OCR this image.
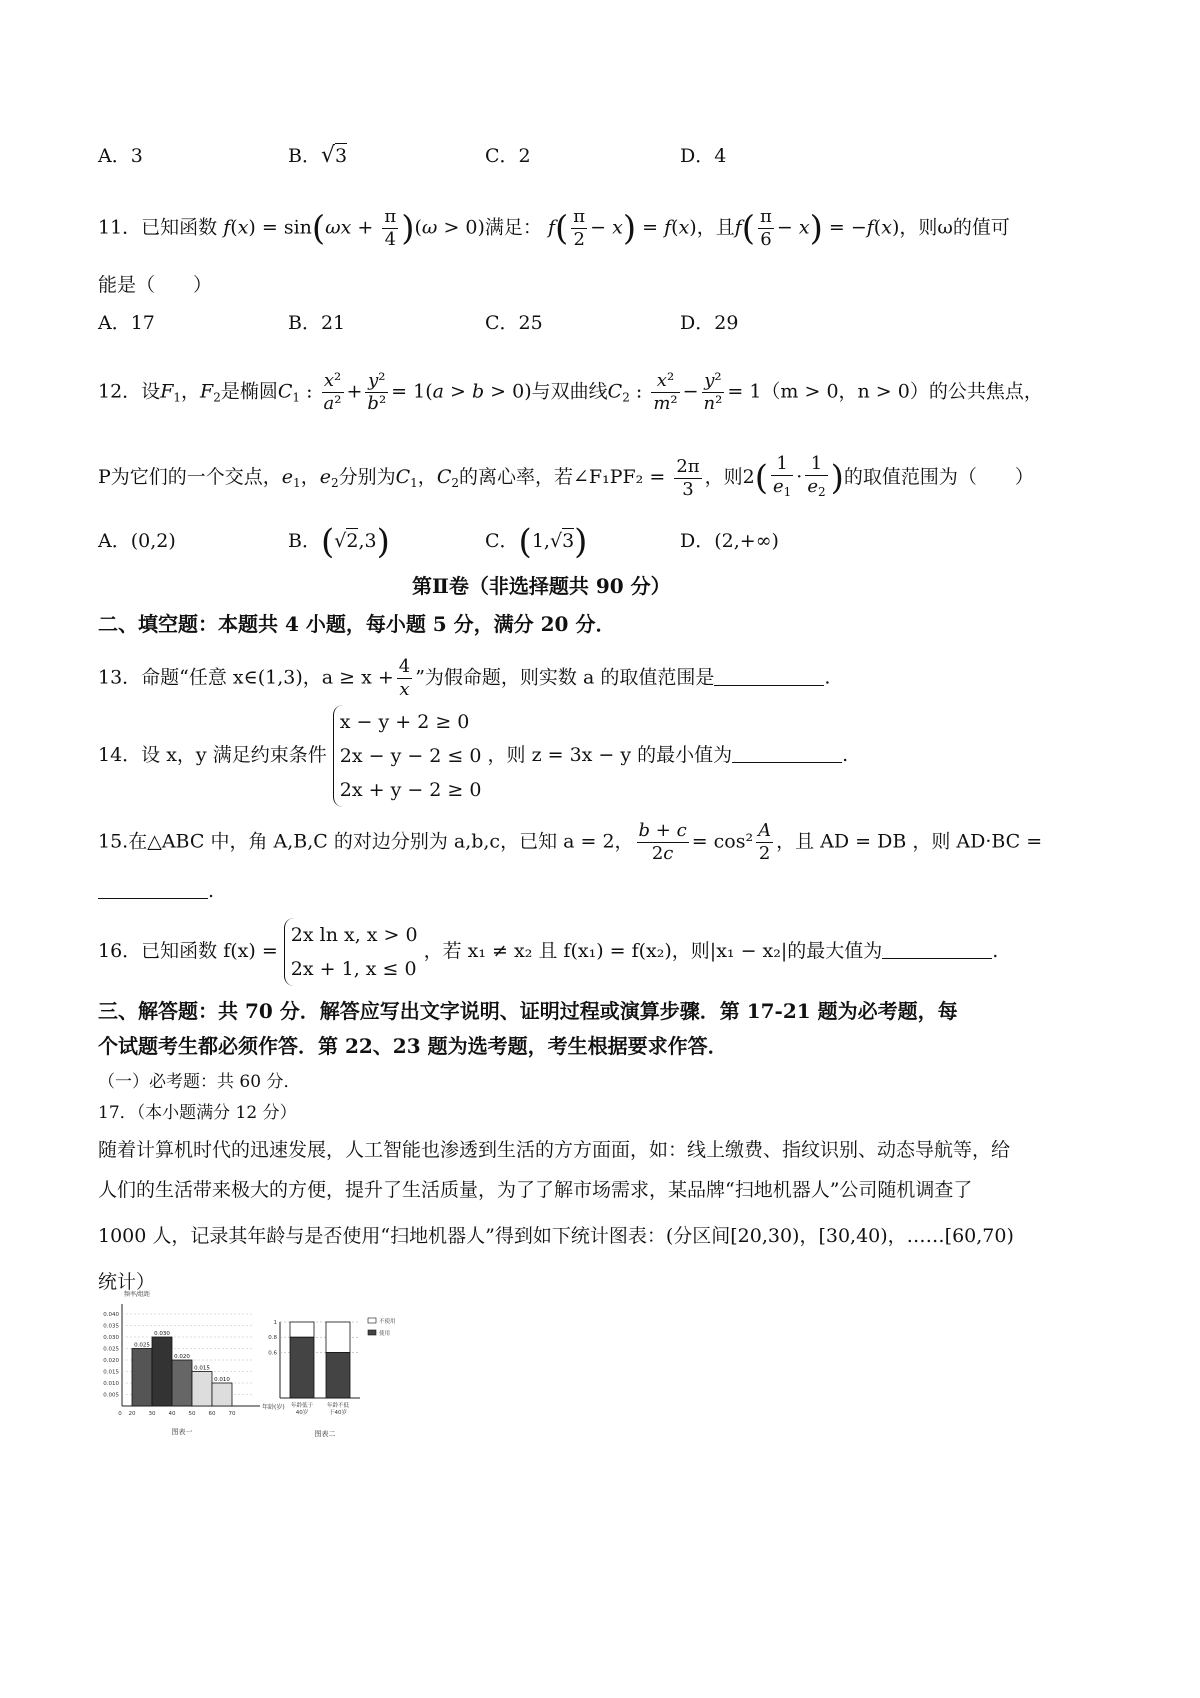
A．3	B．√3	C．2	D．4
11．已知函数 $f(x) = \sin(\omega x + \frac{\pi}{4} )(\omega > 0)$满足： $f( \frac{\pi}{2} - x) = f(x)$，且$f( \frac{\pi}{6} - x) = -f(x)$，则ω的值可
能是（　　）
A．17	B．21	C．25	D．29
12．设$F_1$，$F_2$是椭圆$C_1$ : $\frac{\text{x²}}{\text{a²}} + \frac{\text{y²}}{\text{b²}} = 1(a > b > 0)$与双曲线$C_2$ : $\frac{\text{x²}}{\text{m²}} - \frac{\text{y²}}{\text{n²}} = 1(m > 0$，n > 0）的公共焦点，
P为它们的一个交点，$e_1$，$e_2$分别为$C_1$，$C_2$的离心率，若∠F₁PF₂ = $\frac{2\pi}{3}$ ，则$2( \frac{1}{e_1} \cdot \frac{1}{e_2}$ )的取值范围为（　　）
A．(0,2)	B．(√2,3)	C．(1,√3)	D．(2,+∞)
第Ⅱ卷（非选择题共 90 分）
二、填空题：本题共 4 小题，每小题 5 分，满分 20 分．
13．命题“任意 x∈(1,3)，$a \ge x + \frac{4}{x}$ ”为假命题，则实数 a 的取值范围是	.
14．设 x，y 满足约束条件
x − y + 2 ≥ 0
2x − y − 2 ≤ 0
2x + y − 2 ≥ 0
，则 z = 3x − y 的最小值为	.
15.在△ABC 中，角 A,B,C 的对边分别为 a,b,c，已知 a = 2， $\frac{b + c}{2c} = \cos^2 \frac{A}{2}$ ，且 AD = DB ，则 AD·BC =
.
16．已知函数 f(x) =
2x ln x, x > 0
2x + 1, x ≤ 0
，若 x₁ ≠ x₂ 且 f(x₁) = f(x₂)，则|x₁ − x₂|的最大值为	.
三、解答题：共 70 分．解答应写出文字说明、证明过程或演算步骤．第 17-21 题为必考题，每
个试题考生都必须作答．第 22、23 题为选考题，考生根据要求作答．
（一）必考题：共 60 分．
17．（本小题满分 12 分）
随着计算机时代的迅速发展，人工智能也渗透到生活的方方面面，如：线上缴费、指纹识别、动态导航等，给
人们的生活带来极大的方便，提升了生活质量，为了了解市场需求，某品牌“扫地机器人”公司随机调查了
1000 人，记录其年龄与是否使用“扫地机器人”得到如下统计图表：(分区间[20,30)，[30,40)，……[60,70)
统计）
频率/组距
年龄(岁)
0.005
0.010
0.015
0.020
0.025
0.030
0.035
0.040
0 20 30 40 50 60 70
0.025
0.030
0.020
0.015
0.010
图表一
0.6
0.8
1
年龄低于
40岁
年龄不低
于40岁
不使用
使用
图表二
